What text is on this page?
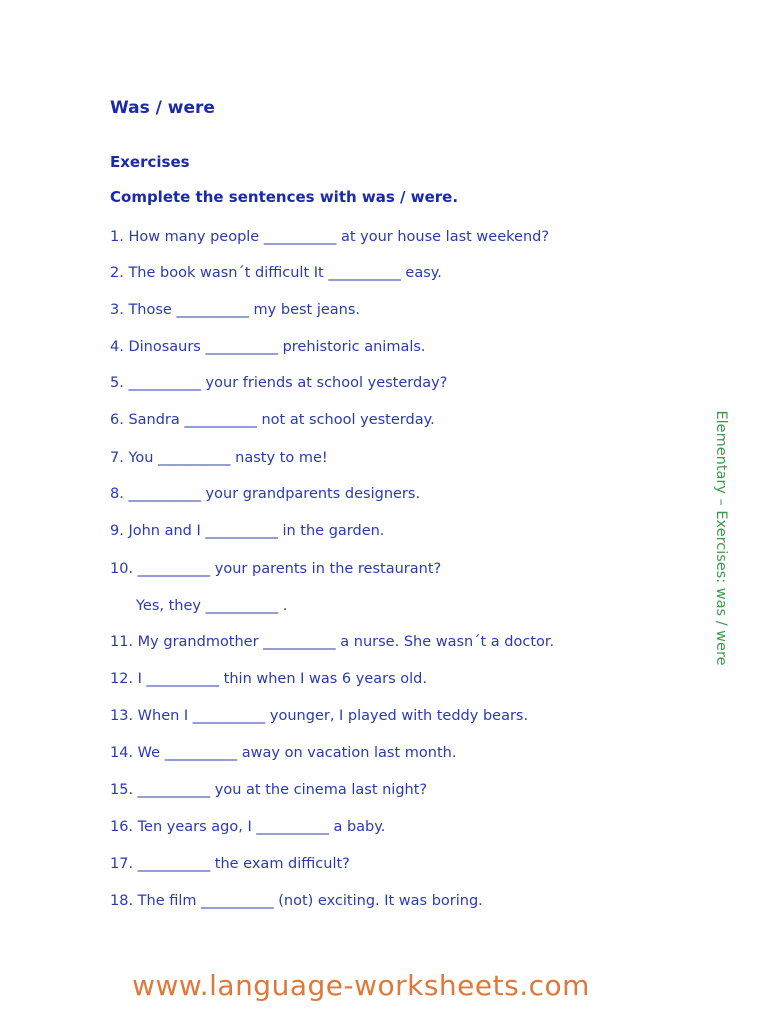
Was / were
Exercises

Complete the sentences with was / were.

1. How many people __________ at your house last weekend?

2. The book wasn´t difficult It __________ easy.

3. Those __________ my best jeans.

4. Dinosaurs __________ prehistoric animals.

5. __________ your friends at school yesterday?

6. Sandra __________ not at school yesterday.

7. You __________ nasty to me!

8. __________ your grandparents designers.

9. John and I __________ in the garden.

10. __________ your parents in the restaurant?

Yes, they __________ .

11. My grandmother __________ a nurse. She wasn´t a doctor.

12. I __________ thin when I was 6 years old.

13. When I __________ younger, I played with teddy bears.

14. We __________ away on vacation last month.

15. __________ you at the cinema last night?

16. Ten years ago, I __________ a baby.

17. __________ the exam difficult?

18. The film __________ (not) exciting. It was boring.

Elementary – Exercises: was / were
www.language-worksheets.com
